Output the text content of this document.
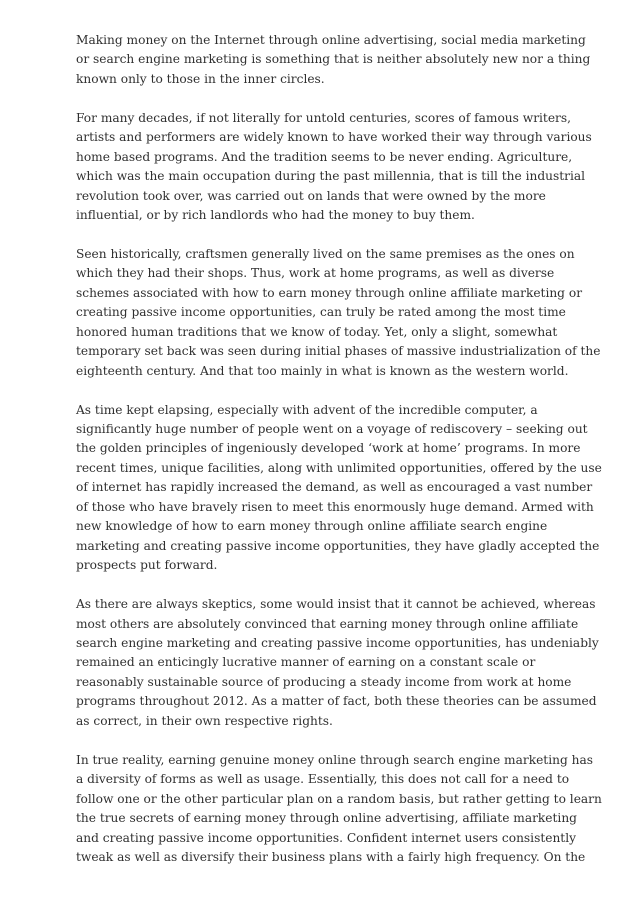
Making money on the Internet through online advertising, social media marketing
or search engine marketing is something that is neither absolutely new nor a thing
known only to those in the inner circles.

For many decades, if not literally for untold centuries, scores of famous writers,
artists and performers are widely known to have worked their way through various
home based programs. And the tradition seems to be never ending. Agriculture,
which was the main occupation during the past millennia, that is till the industrial
revolution took over, was carried out on lands that were owned by the more
influential, or by rich landlords who had the money to buy them.

Seen historically, craftsmen generally lived on the same premises as the ones on
which they had their shops. Thus, work at home programs, as well as diverse
schemes associated with how to earn money through online affiliate marketing or
creating passive income opportunities, can truly be rated among the most time
honored human traditions that we know of today. Yet, only a slight, somewhat
temporary set back was seen during initial phases of massive industrialization of the
eighteenth century. And that too mainly in what is known as the western world.

As time kept elapsing, especially with advent of the incredible computer, a
significantly huge number of people went on a voyage of rediscovery – seeking out
the golden principles of ingeniously developed ‘work at home’ programs. In more
recent times, unique facilities, along with unlimited opportunities, offered by the use
of internet has rapidly increased the demand, as well as encouraged a vast number
of those who have bravely risen to meet this enormously huge demand. Armed with
new knowledge of how to earn money through online affiliate search engine
marketing and creating passive income opportunities, they have gladly accepted the
prospects put forward.

As there are always skeptics, some would insist that it cannot be achieved, whereas
most others are absolutely convinced that earning money through online affiliate
search engine marketing and creating passive income opportunities, has undeniably
remained an enticingly lucrative manner of earning on a constant scale or
reasonably sustainable source of producing a steady income from work at home
programs throughout 2012. As a matter of fact, both these theories can be assumed
as correct, in their own respective rights.

In true reality, earning genuine money online through search engine marketing has
a diversity of forms as well as usage. Essentially, this does not call for a need to
follow one or the other particular plan on a random basis, but rather getting to learn
the true secrets of earning money through online advertising, affiliate marketing
and creating passive income opportunities. Confident internet users consistently
tweak as well as diversify their business plans with a fairly high frequency. On the
